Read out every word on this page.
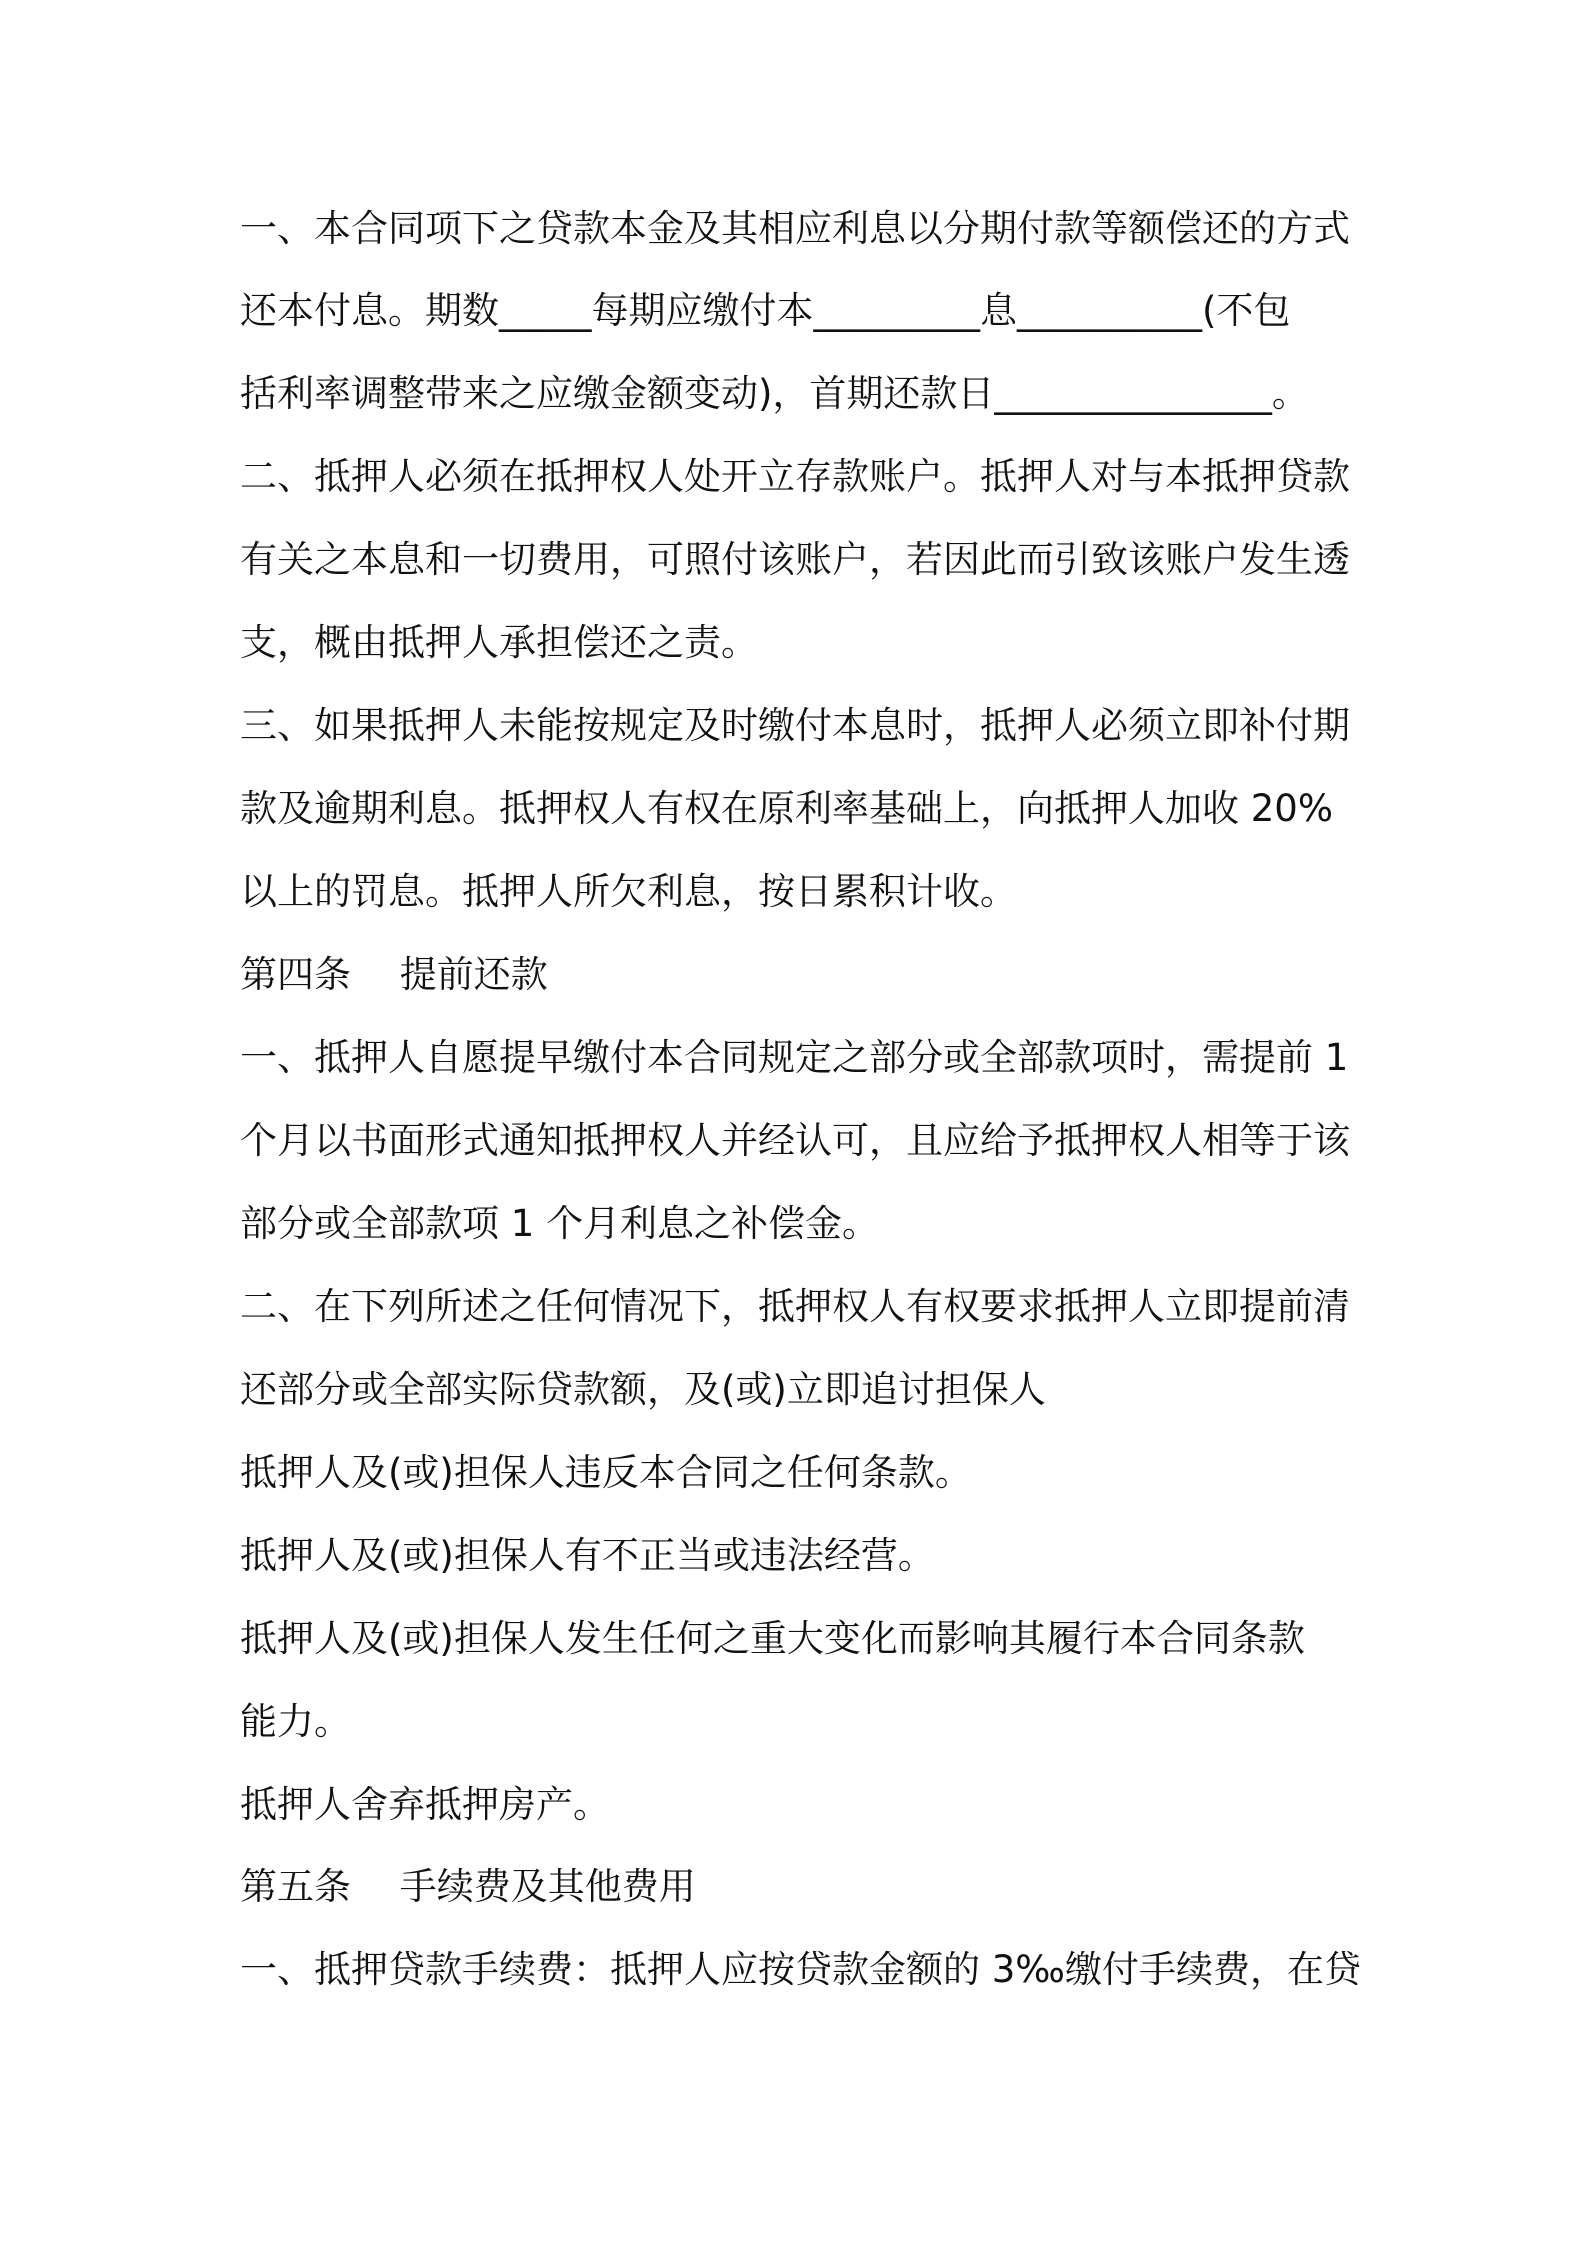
一、本合同项下之贷款本金及其相应利息以分期付款等额偿还的方式
还本付息。期数_____每期应缴付本_________息__________(不包
括利率调整带来之应缴金额变动)，首期还款日_______________。
二、抵押人必须在抵押权人处开立存款账户。抵押人对与本抵押贷款
有关之本息和一切费用，可照付该账户，若因此而引致该账户发生透
支，概由抵押人承担偿还之责。
三、如果抵押人未能按规定及时缴付本息时，抵押人必须立即补付期
款及逾期利息。抵押权人有权在原利率基础上，向抵押人加收 20%
以上的罚息。抵押人所欠利息，按日累积计收。
第四条　 提前还款
一、抵押人自愿提早缴付本合同规定之部分或全部款项时，需提前 1
个月以书面形式通知抵押权人并经认可，且应给予抵押权人相等于该
部分或全部款项 1 个月利息之补偿金。
二、在下列所述之任何情况下，抵押权人有权要求抵押人立即提前清
还部分或全部实际贷款额，及(或)立即追讨担保人
抵押人及(或)担保人违反本合同之任何条款。
抵押人及(或)担保人有不正当或违法经营。
抵押人及(或)担保人发生任何之重大变化而影响其履行本合同条款
能力。
抵押人舍弃抵押房产。
第五条　 手续费及其他费用
一、抵押贷款手续费：抵押人应按贷款金额的 3‰缴付手续费，在贷
